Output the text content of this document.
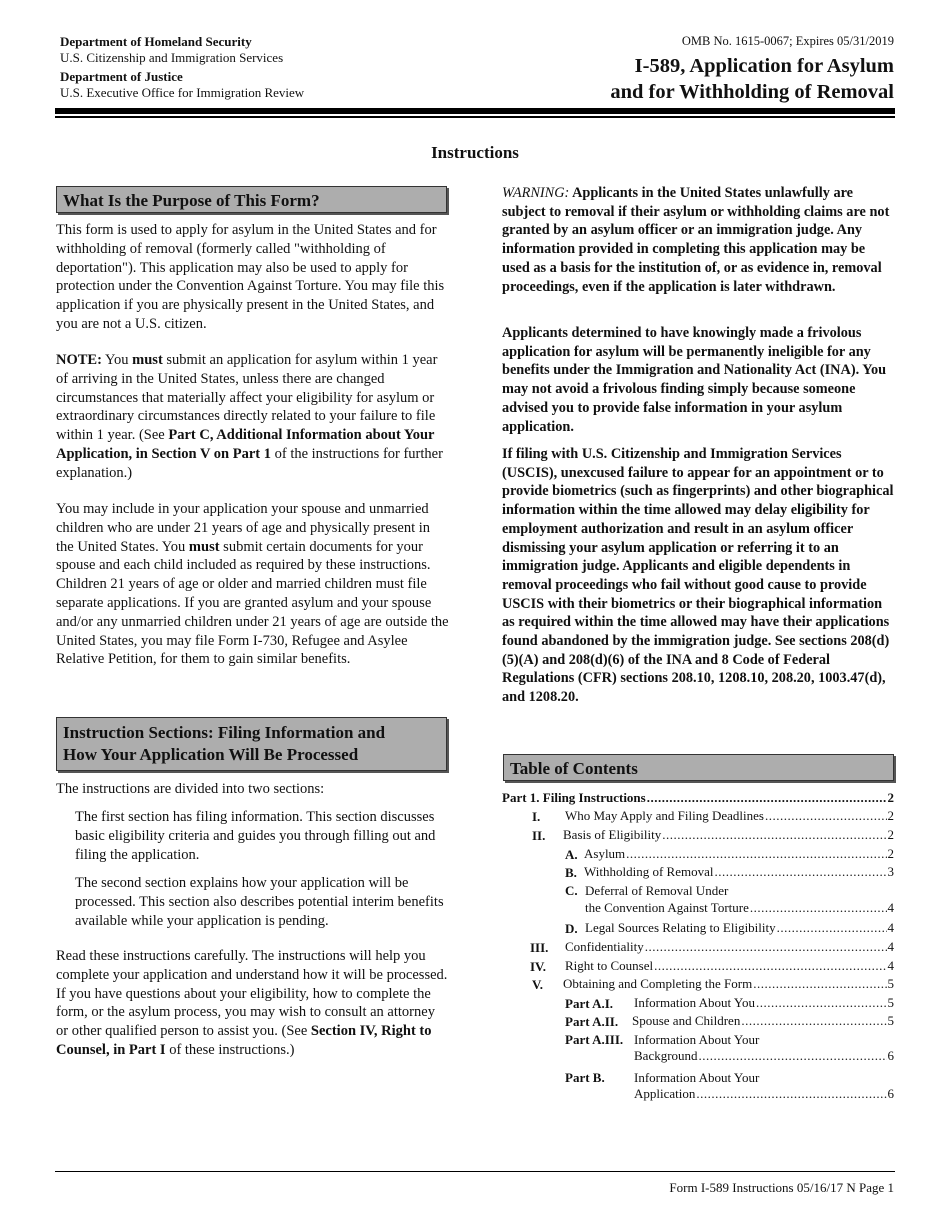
Department of Homeland Security
U.S. Citizenship and Immigration Services
Department of Justice
U.S. Executive Office for Immigration Review
OMB No. 1615-0067; Expires 05/31/2019
I-589, Application for Asylum
and for Withholding of Removal
Instructions
What Is the Purpose of This Form?
This form is used to apply for asylum in the United States and for withholding of removal (formerly called "withholding of deportation"). This application may also be used to apply for protection under the Convention Against Torture. You may file this application if you are physically present in the United States, and you are not a U.S. citizen.
NOTE: You must submit an application for asylum within 1 year of arriving in the United States, unless there are changed circumstances that materially affect your eligibility for asylum or extraordinary circumstances directly related to your failure to file within 1 year. (See Part C, Additional Information about Your Application, in Section V on Part 1 of the instructions for further explanation.)
You may include in your application your spouse and unmarried children who are under 21 years of age and physically present in the United States. You must submit certain documents for your spouse and each child included as required by these instructions. Children 21 years of age or older and married children must file separate applications. If you are granted asylum and your spouse and/or any unmarried children under 21 years of age are outside the United States, you may file Form I-730, Refugee and Asylee Relative Petition, for them to gain similar benefits.
Instruction Sections: Filing Information and
How Your Application Will Be Processed
The instructions are divided into two sections:
The first section has filing information. This section discusses basic eligibility criteria and guides you through filling out and filing the application.
The second section explains how your application will be processed. This section also describes potential interim benefits available while your application is pending.
Read these instructions carefully. The instructions will help you complete your application and understand how it will be processed. If you have questions about your eligibility, how to complete the form, or the asylum process, you may wish to consult an attorney or other qualified person to assist you. (See Section IV, Right to Counsel, in Part I of these instructions.)
WARNING: Applicants in the United States unlawfully are subject to removal if their asylum or withholding claims are not granted by an asylum officer or an immigration judge. Any information provided in completing this application may be used as a basis for the institution of, or as evidence in, removal proceedings, even if the application is later withdrawn.
Applicants determined to have knowingly made a frivolous application for asylum will be permanently ineligible for any benefits under the Immigration and Nationality Act (INA). You may not avoid a frivolous finding simply because someone advised you to provide false information in your asylum application.
If filing with U.S. Citizenship and Immigration Services (USCIS), unexcused failure to appear for an appointment or to provide biometrics (such as fingerprints) and other biographical information within the time allowed may delay eligibility for employment authorization and result in an asylum officer dismissing your asylum application or referring it to an immigration judge. Applicants and eligible dependents in removal proceedings who fail without good cause to provide USCIS with their biometrics or their biographical information as required within the time allowed may have their applications found abandoned by the immigration judge. See sections 208(d)(5)(A) and 208(d)(6) of the INA and 8 Code of Federal Regulations (CFR) sections 208.10, 1208.10, 208.20, 1003.47(d), and 1208.20.
Table of Contents
Part 1. Filing Instructions .....	2
I. Who May Apply and Filing Deadlines .....	2
II. Basis of Eligibility .....	2
A. Asylum .....	2
B. Withholding of Removal .....	3
C. Deferral of Removal Under
the Convention Against Torture .....	4
D. Legal Sources Relating to Eligibility .....	4
III. Confidentiality .....	4
IV. Right to Counsel .....	4
V. Obtaining and Completing the Form .....	5
Part A.I. Information About You .....	5
Part A.II. Spouse and Children .....	5
Part A.III. Information About Your
Background .....	6
Part B. Information About Your
Application .....	6
Form I-589 Instructions 05/16/17 N Page 1
